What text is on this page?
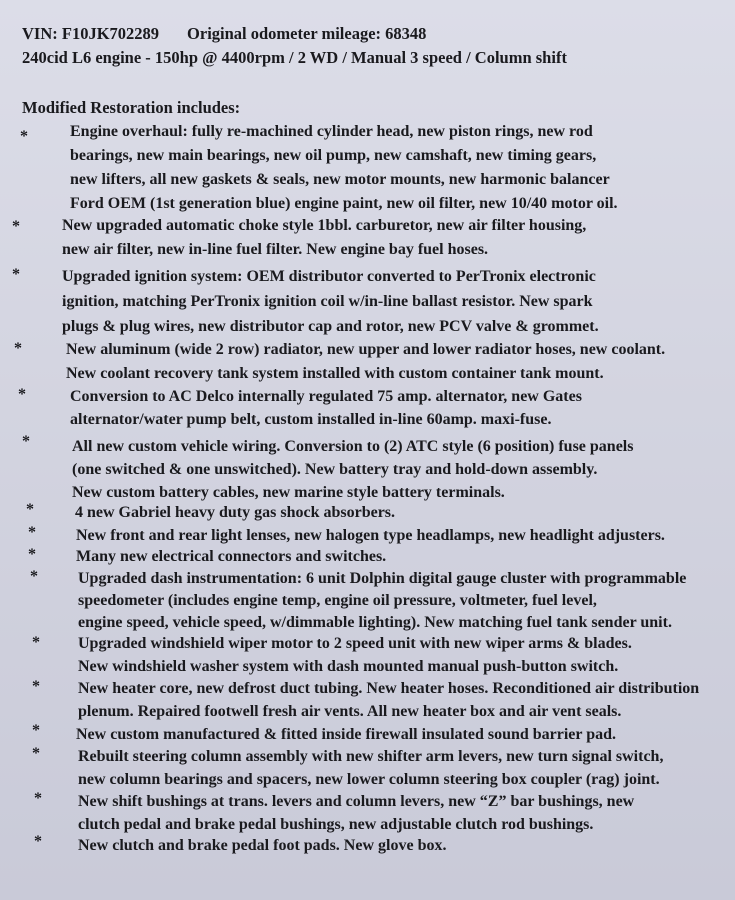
VIN: F10JK702289 Original odometer mileage: 68348
240cid L6 engine - 150hp @ 4400rpm / 2 WD / Manual 3 speed / Column shift
Modified Restoration includes:
*	Engine overhaul: fully re-machined cylinder head, new piston rings, new rod
bearings, new main bearings, new oil pump, new camshaft, new timing gears,
new lifters, all new gaskets & seals, new motor mounts, new harmonic balancer
Ford OEM (1st generation blue) engine paint, new oil filter, new 10/40 motor oil.
*	New upgraded automatic choke style 1bbl. carburetor, new air filter housing,
new air filter, new in-line fuel filter. New engine bay fuel hoses.
*	Upgraded ignition system: OEM distributor converted to PerTronix electronic
ignition, matching PerTronix ignition coil w/in-line ballast resistor. New spark
plugs & plug wires, new distributor cap and rotor, new PCV valve & grommet.
*	New aluminum (wide 2 row) radiator, new upper and lower radiator hoses, new coolant.
New coolant recovery tank system installed with custom container tank mount.
*	Conversion to AC Delco internally regulated 75 amp. alternator, new Gates
alternator/water pump belt, custom installed in-line 60amp. maxi-fuse.
*	All new custom vehicle wiring. Conversion to (2) ATC style (6 position) fuse panels
(one switched & one unswitched). New battery tray and hold-down assembly.
New custom battery cables, new marine style battery terminals.
*	4 new Gabriel heavy duty gas shock absorbers.
*	New front and rear light lenses, new halogen type headlamps, new headlight adjusters.
*	Many new electrical connectors and switches.
*	Upgraded dash instrumentation: 6 unit Dolphin digital gauge cluster with programmable
speedometer (includes engine temp, engine oil pressure, voltmeter, fuel level,
engine speed, vehicle speed, w/dimmable lighting). New matching fuel tank sender unit.
* Upgraded windshield wiper motor to 2 speed unit with new wiper arms & blades.
New windshield washer system with dash mounted manual push-button switch.
* New heater core, new defrost duct tubing. New heater hoses. Reconditioned air distribution
plenum. Repaired footwell fresh air vents. All new heater box and air vent seals.
* New custom manufactured & fitted inside firewall insulated sound barrier pad.
* Rebuilt steering column assembly with new shifter arm levers, new turn signal switch,
new column bearings and spacers, new lower column steering box coupler (rag) joint.
* New shift bushings at trans. levers and column levers, new “Z” bar bushings, new
clutch pedal and brake pedal bushings, new adjustable clutch rod bushings.
* New clutch and brake pedal foot pads. New glove box.
